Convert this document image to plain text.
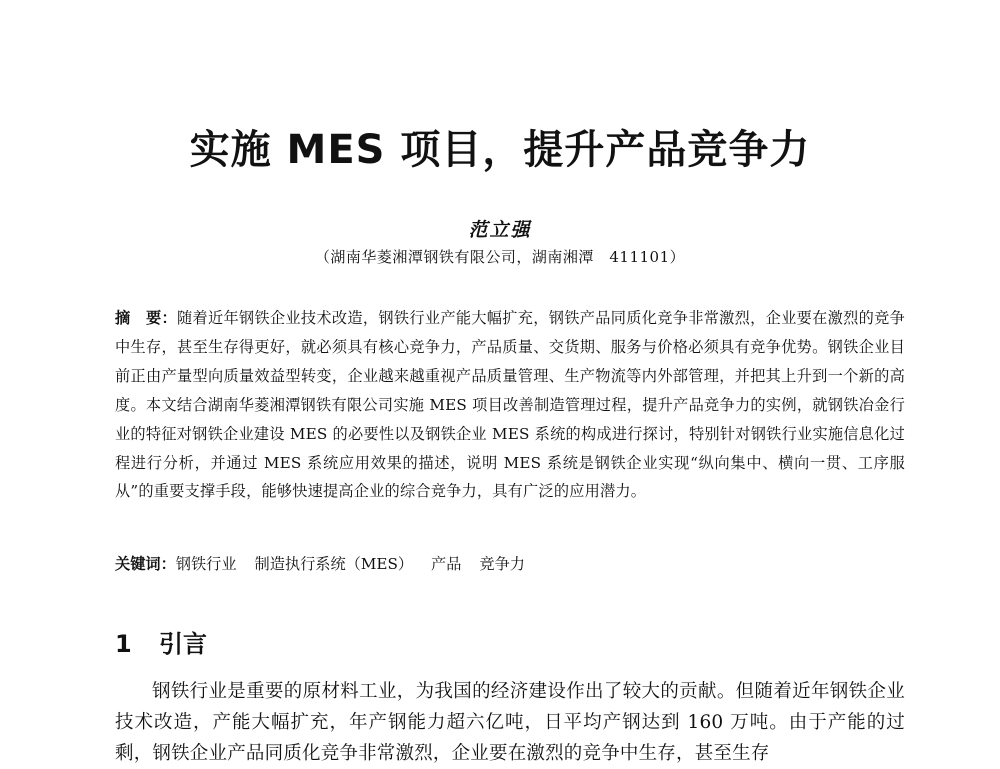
实施 MES 项目，提升产品竞争力
范立强
（湖南华菱湘潭钢铁有限公司，湖南湘潭　411101）
摘　要：随着近年钢铁企业技术改造，钢铁行业产能大幅扩充，钢铁产品同质化竞争非常激烈，企业要在激烈的竞争中生存，甚至生存得更好，就必须具有核心竞争力，产品质量、交货期、服务与价格必须具有竞争优势。钢铁企业目前正由产量型向质量效益型转变，企业越来越重视产品质量管理、生产物流等内外部管理，并把其上升到一个新的高度。本文结合湖南华菱湘潭钢铁有限公司实施 MES 项目改善制造管理过程，提升产品竞争力的实例，就钢铁冶金行业的特征对钢铁企业建设 MES 的必要性以及钢铁企业 MES 系统的构成进行探讨，特别针对钢铁行业实施信息化过程进行分析，并通过 MES 系统应用效果的描述，说明 MES 系统是钢铁企业实现“纵向集中、横向一贯、工序服从”的重要支撑手段，能够快速提高企业的综合竞争力，具有广泛的应用潜力。
关键词：钢铁行业 制造执行系统（MES） 产品 竞争力
1 引言
钢铁行业是重要的原材料工业，为我国的经济建设作出了较大的贡献。但随着近年钢铁企业技术改造，产能大幅扩充，年产钢能力超六亿吨，日平均产钢达到 160 万吨。由于产能的过剩，钢铁企业产品同质化竞争非常激烈，企业要在激烈的竞争中生存，甚至生存
